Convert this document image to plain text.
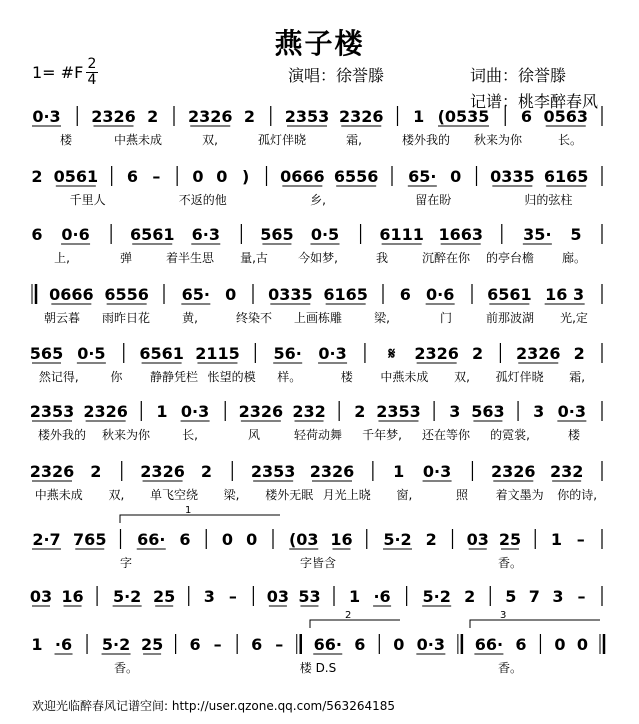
燕子楼
1= #F 2
4	演唱：徐誉滕	词曲：徐誉滕
记谱：桃李醉春风
0·3 2326 2 2326 2 2353 2326 1 (0535 6 0563
楼	中燕未成	双,	孤灯伴晓	霜,	楼外我的 秋来为你	长。
2 0561 6 – 0 0 ) 0666 6556 65· 0 0335 6165
千里人	不返的他	乡,	留在盼	归的弦柱
6 0·6	6561 6·3	565 0·5	6111 1663	35· 5
上,	弹	着半生思 量,古	今如梦,	我	沉醉在你 的亭台檐 廊。
0666 6556 65· 0 0335 6165 6 0·6 6561 16 3
朝云暮 雨昨日花	黄,	终染不 上画栋雕	梁,	门	前那波湖 光,定
565 0·5 6561 2115 56· 0·3	𝄋 2326 2 2326 2
然记得,	你 静静凭栏 怅望的模 样。	楼 中燕未成 双, 孤灯伴晓 霜,
2353 2326 1 0·3 2326 232 2 2353 3 563 3 0·3
楼外我的 秋来为你	长,	风	轻荷动舞 千年梦, 还在等你 的霓裳,	楼
2326 2 2326 2 2353 2326 1 0·3 2326 232
中燕未成 双, 单飞空绕 梁, 楼外无眠 月光上晓 窗,	照 着文墨为 你的诗,
2·7 765 66· 6 0 0 (03 16 5·2 2 03 25 1 –
字	字皆含	香。
1
03 16 5·2 25 3 – 03 53 1 ·6 5·2 2 5 7 3 –
1 ·6 5·2 25 6 – 6 – 66· 6 0 0·3 66· 6 0 0
香。	楼 D.S	香。
2	3
欢迎光临醉春风记谱空间: http://user.qzone.qq.com/563264185
